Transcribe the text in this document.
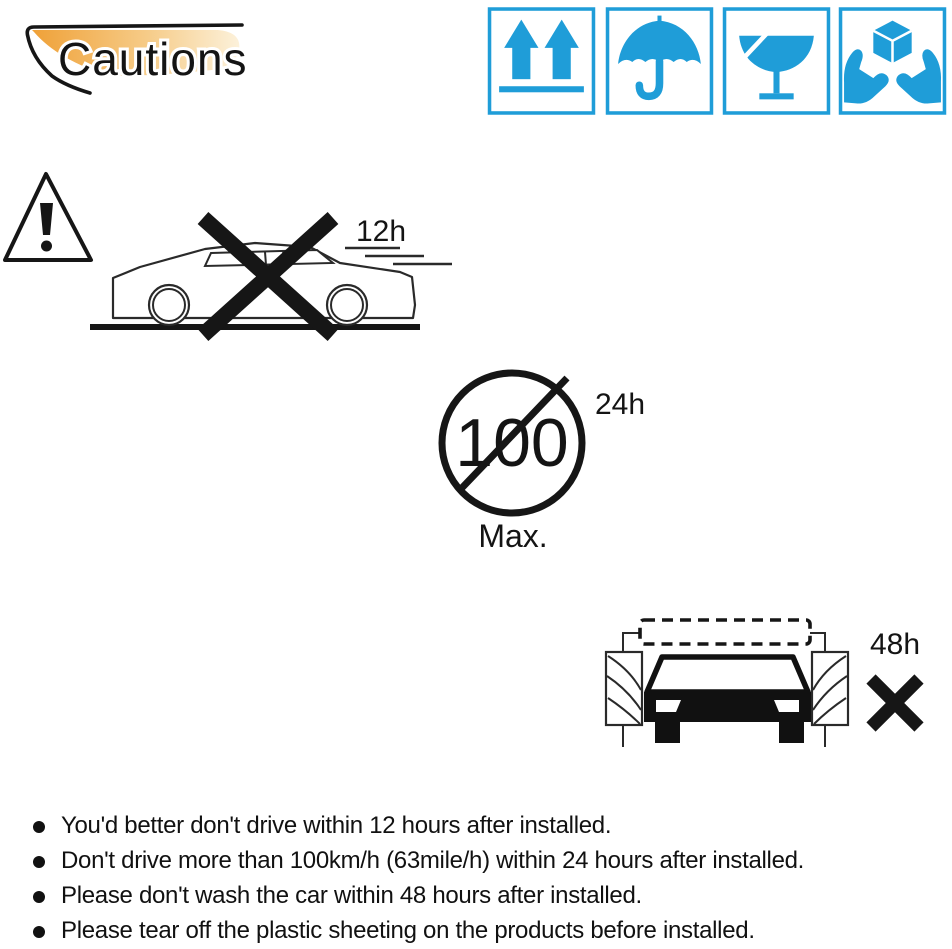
Cautions
12h
100
24h
Max.
48h
You'd better don't drive within 12 hours after installed.
Don't drive more than 100km/h (63mile/h) within 24 hours after installed.
Please don't wash the car within 48 hours after installed.
Please tear off the plastic sheeting on the products before installed.
